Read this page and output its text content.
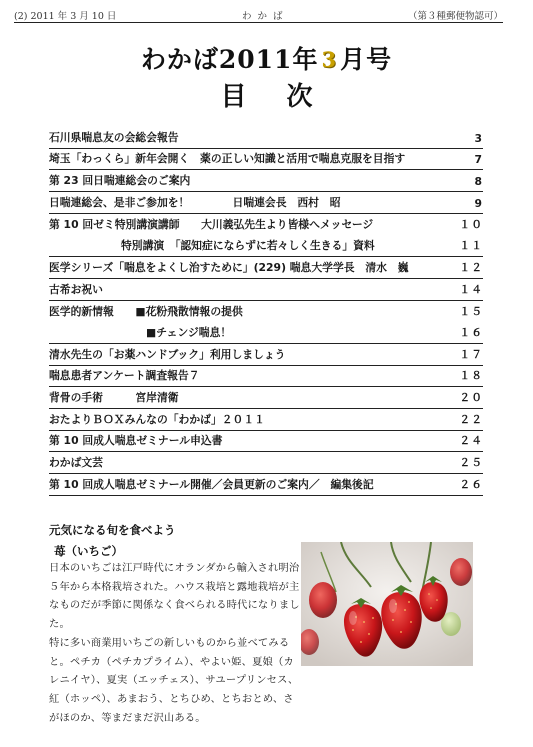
(2) 2011 年 3 月 10 日	わかば	（第３種郵便物認可）
わかば2011年 3 月号
目次
石川県喘息友の会総会報告	3
埼玉「わっくら」新年会開く　薬の正しい知識と活用で喘息克服を目指す	7
第 23 回日喘連総会のご案内	8
日喘連総会、是非ご参加を！　　　　日喘連会長　西村　昭	9
第 10 回ゼミ特別講演講師　　大川義弘先生より皆様へメッセージ	１０
特別講演　「認知症にならずに若々しく生きる」資料	１１
医学シリーズ「喘息をよくし治すために」(229) 喘息大学学長　清水　巍	１２
古希お祝い	１４
医学的新情報　　■花粉飛散情報の提供	１５
■チェンジ喘息！	１６
清水先生の「お薬ハンドブック」利用しましょう	１７
喘息患者アンケート調査報告７	１８
背骨の手術　　　宮岸清衛	２０
おたよりＢＯＸみんなの「わかば」２０１１	２２
第 10 回成人喘息ゼミナール申込書	２４
わかば文芸	２５
第 10 回成人喘息ゼミナール開催／会員更新のご案内／　編集後記	２６
元気になる旬を食べよう
苺（いちご）

日本のいちごは江戸時代にオランダから輸入され明治５年から本格栽培された。ハウス栽培と露地栽培が主なものだが季節に関係なく食べられる時代になりました。

特に多い商業用いちごの新しいものから並べてみると。ペチカ（ペチカプライム）、やよい姫、夏娘（カレニイヤ）、夏実（エッチェス）、サユープリンセス、紅（ホッペ）、あまおう、とちひめ、とちおとめ、さがほのか、等まだまだ沢山ある。
